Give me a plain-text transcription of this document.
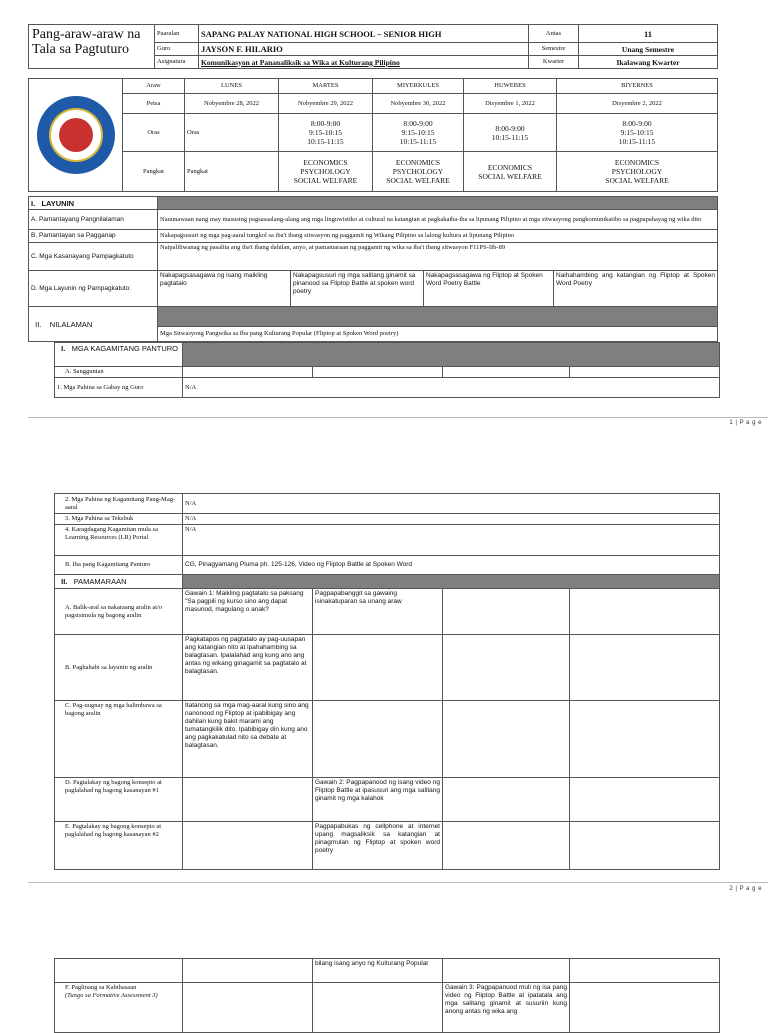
Pang-araw-araw na
Tala sa Pagtuturo	Paaralan	SAPANG PALAY NATIONAL HIGH SCHOOL – SENIOR HIGH	Antas	11
	Guro	JAYSON F. HILARIO	Semestre	Unang Semestre
	Asignatura	Komunikasyon at Pananaliksik sa Wika at Kulturang Pilipino	Kwarter	Ikalawang Kwarter
	Araw	LUNES	MARTES	MIYERKULES	HUWEBES	BIYERNES
	Petsa	Nobyembre 28, 2022	Nobyembre 29, 2022	Nobyembre 30, 2022	Disyembre 1, 2022	Disyembre 2, 2022
	Oras	Oras	8:00-9:00
9:15-10:15
10:15-11:15	8:00-9:00
9:15-10:15
10:15-11:15	8:00-9:00
10:15-11:15	8:00-9:00
9:15-10:15
10:15-11:15
	Pangkat	Pangkat	ECONOMICS
PSYCHOLOGY
SOCIAL WELFARE	ECONOMICS
PSYCHOLOGY
SOCIAL WELFARE	ECONOMICS
SOCIAL WELFARE	ECONOMICS
PSYCHOLOGY
SOCIAL WELFARE
I. LAYUNIN				
A. Pamantayang Pangnilalaman	Nauunawaan nang may masusing pagsasaalang-alang ang mga linguwistiko at cultural na katangian at pagkakaiba-iba sa lipunang Pilipino at mga sitwasyong pangkomunikatibo sa pagpapahayag ng wika dito			
B. Pamantayan sa Pagganap	Nakapagsusuri ng mga pag-aaral tungkol sa iba't ibang sitwasyon ng paggamit ng Wikang Pilipino sa lalong kultura at lipunang Pilipino			
C. Mga Kasanayang Pampagkatuto	Naipaliliwanag ng pasalita ang iba't ibang dahilan, anyo, at pamamaraan ng paggamit ng wika sa iba't ibang sitwasyon F11PS-IIb-89			
D. Mga Layunin ng Pampagkatuto:	Nakapagsasagawa ng isang maikling pagtatalo	Nakapagsusuri ng mga salitang ginamit sa pinanood sa Fliptop Battle at spoken word poetry	Nakapagsasagawa ng Fliptop at Spoken Word Poetry Battle	Naihahambing ang katangian ng Fliptop at Spoken Word Poetry
II. NILALAMAN				
	Mga Sitwasyong Pangwika sa Iba pang Kulturang Popular (Fliptop at Spoken Word poetry)			
I. MGA KAGAMITANG PANTURO				
A. Sanggunian				
1. Mga Pahina sa Gabay ng Guro	N/A			
1 | P a g e
2. Mga Pahina ng Kagamitang Pang-Mag-aaral	N/A			
3. Mga Pahina sa Teksbuk	N/A			
4. Karagdagang Kagamitan mula sa Learning Resources (LR) Portal	N/A			
B. Iba pang Kagamitang Panturo	CG, Pinagyamang Pluma ph. 125-126, Video ng Fliptop Battle at Spoken Word			
II. PAMAMARAAN				
A. Balik-aral sa nakaraang aralin at/o pagsisimula ng bagong aralin	Gawain 1: Maikling pagtatalo sa paksang "Sa pagpili ng kurso sino ang dapat masunod, magulang o anak?	Pagpapabanggit sa gawaing isinakatuparan sa unang araw		
B. Paghahabi sa layunin ng aralin	Pagkatapos ng pagtatalo ay pag-uusapan ang katangian nito at ipahahambing sa balagtasan. Ipalalahad ang kung ano ang antas ng wikang ginagamit sa pagtatalo at balagtasan.			
C. Pag-uugnay ng mga halimbawa sa bagong aralin	Itatanong sa mga mag-aaral kung sino ang nanonood ng Fliptop at ipabibigay ang dahilan kung bakit marami ang tumatangkilik dito. Ipabibigay din kung ano ang pagkakatulad nito sa debate at balagtasan.			
D. Pagtalakay ng bagong konsepto at paglalahad ng bagong kasanayan #1		Gawain 2: Pagpapanood ng isang video ng Fliptop Battle at ipasusuri ang mga salitang ginamit ng mga kalahok		
E. Pagtalakay ng bagong konsepto at paglalahad ng bagong kasanayan #2		Pagpapabukas ng cellphone at internet upang magsaliksik sa katangian at pinagmulan ng Fliptop at spoken word poetry		
2 | P a g e
		bilang isang anyo ng Kulturang Popular		

F. Paglinang sa Kabihasaan
(Tungo sa Formative Assessment 3)			Gawain 3: Pagpapanuod muli ng isa pang video ng Fliptop Battle at ipatatala ang mga salitang ginamit at susuriin kung anong antas ng wika ang	
